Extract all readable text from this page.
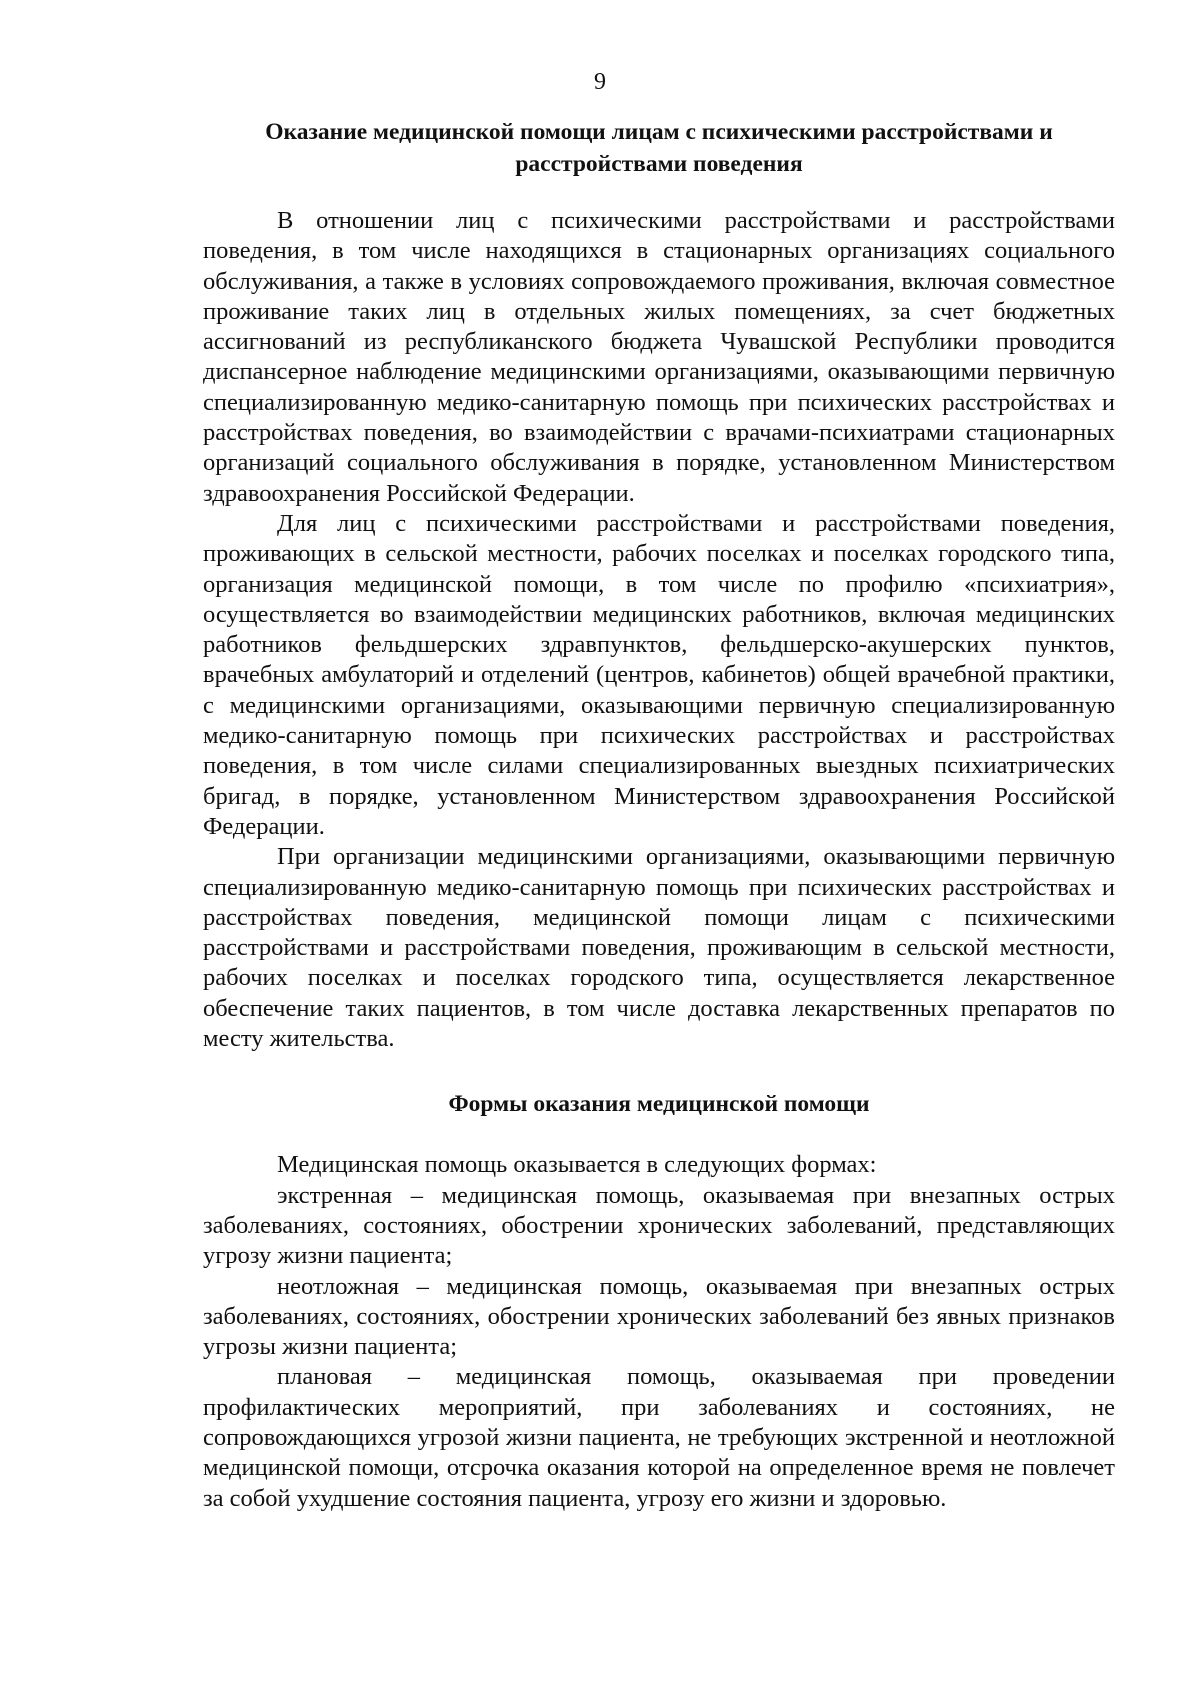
9
Оказание медицинской помощи лицам с психическими расстройствами и расстройствами поведения

В отношении лиц с психическими расстройствами и расстройствами поведения, в том числе находящихся в стационарных организациях социального обслуживания, а также в условиях сопровождаемого проживания, включая совместное проживание таких лиц в отдельных жилых помещениях, за счет бюджетных ассигнований из республиканского бюджета Чувашской Республики проводится диспансерное наблюдение медицинскими организациями, оказывающими первичную специализированную медико-санитарную помощь при психических расстройствах и расстройствах поведения, во взаимодействии с врачами-психиатрами стационарных организаций социального обслуживания в порядке, установленном Министерством здравоохранения Российской Федерации.

Для лиц с психическими расстройствами и расстройствами поведения, проживающих в сельской местности, рабочих поселках и поселках городского типа, организация медицинской помощи, в том числе по профилю «психиатрия», осуществляется во взаимодействии медицинских работников, включая медицинских работников фельдшерских здравпунктов, фельдшерско-акушерских пунктов, врачебных амбулаторий и отделений (центров, кабинетов) общей врачебной практики, с медицинскими организациями, оказывающими первичную специализированную медико-санитарную помощь при психических расстройствах и расстройствах поведения, в том числе силами специализированных выездных психиатрических бригад, в порядке, установленном Министерством здравоохранения Российской Федерации.

При организации медицинскими организациями, оказывающими первичную специализированную медико-санитарную помощь при психических расстройствах и расстройствах поведения, медицинской помощи лицам с психическими расстройствами и расстройствами поведения, проживающим в сельской местности, рабочих поселках и поселках городского типа, осуществляется лекарственное обеспечение таких пациентов, в том числе доставка лекарственных препаратов по месту жительства.

Формы оказания медицинской помощи

Медицинская помощь оказывается в следующих формах:

экстренная – медицинская помощь, оказываемая при внезапных острых заболеваниях, состояниях, обострении хронических заболеваний, представляющих угрозу жизни пациента;

неотложная – медицинская помощь, оказываемая при внезапных острых заболеваниях, состояниях, обострении хронических заболеваний без явных признаков угрозы жизни пациента;

плановая – медицинская помощь, оказываемая при проведении профилактических мероприятий, при заболеваниях и состояниях, не сопровождающихся угрозой жизни пациента, не требующих экстренной и неотложной медицинской помощи, отсрочка оказания которой на определенное время не повлечет за собой ухудшение состояния пациента, угрозу его жизни и здоровью.
